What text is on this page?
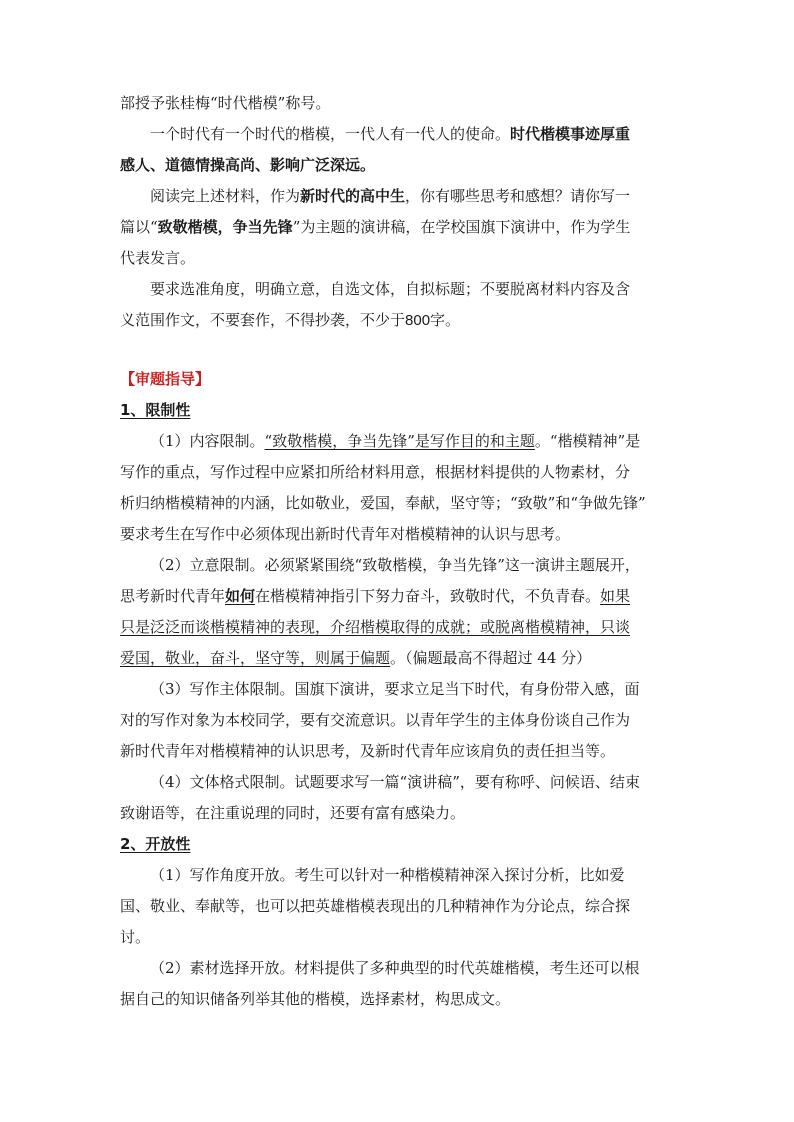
部授予张桂梅“时代楷模”称号。

一个时代有一个时代的楷模，一代人有一代人的使命。时代楷模事迹厚重

感人、道德情操高尚、影响广泛深远。

阅读完上述材料，作为新时代的高中生，你有哪些思考和感想？请你写一

篇以“致敬楷模，争当先锋”为主题的演讲稿，在学校国旗下演讲中，作为学生

代表发言。

要求选准角度，明确立意，自选文体，自拟标题；不要脱离材料内容及含

义范围作文，不要套作，不得抄袭，不少于800字。

【审题指导】

1、限制性

（1）内容限制。“致敬楷模，争当先锋”是写作目的和主题。“楷模精神”是

写作的重点，写作过程中应紧扣所给材料用意，根据材料提供的人物素材，分

析归纳楷模精神的内涵，比如敬业，爱国，奉献，坚守等；“致敬”和“争做先锋”

要求考生在写作中必须体现出新时代青年对楷模精神的认识与思考。

（2）立意限制。必须紧紧围绕“致敬楷模，争当先锋”这一演讲主题展开，

思考新时代青年如何在楷模精神指引下努力奋斗，致敬时代，不负青春。如果

只是泛泛而谈楷模精神的表现，介绍楷模取得的成就；或脱离楷模精神，只谈

爱国，敬业，奋斗，坚守等，则属于偏题。（偏题最高不得超过 44 分）

（3）写作主体限制。国旗下演讲，要求立足当下时代，有身份带入感，面

对的写作对象为本校同学，要有交流意识。以青年学生的主体身份谈自己作为

新时代青年对楷模精神的认识思考，及新时代青年应该肩负的责任担当等。

（4）文体格式限制。试题要求写一篇“演讲稿”，要有称呼、问候语、结束

致谢语等，在注重说理的同时，还要有富有感染力。

2、开放性

（1）写作角度开放。考生可以针对一种楷模精神深入探讨分析，比如爱

国、敬业、奉献等，也可以把英雄楷模表现出的几种精神作为分论点，综合探

讨。

（2）素材选择开放。材料提供了多种典型的时代英雄楷模，考生还可以根

据自己的知识储备列举其他的楷模，选择素材，构思成文。
